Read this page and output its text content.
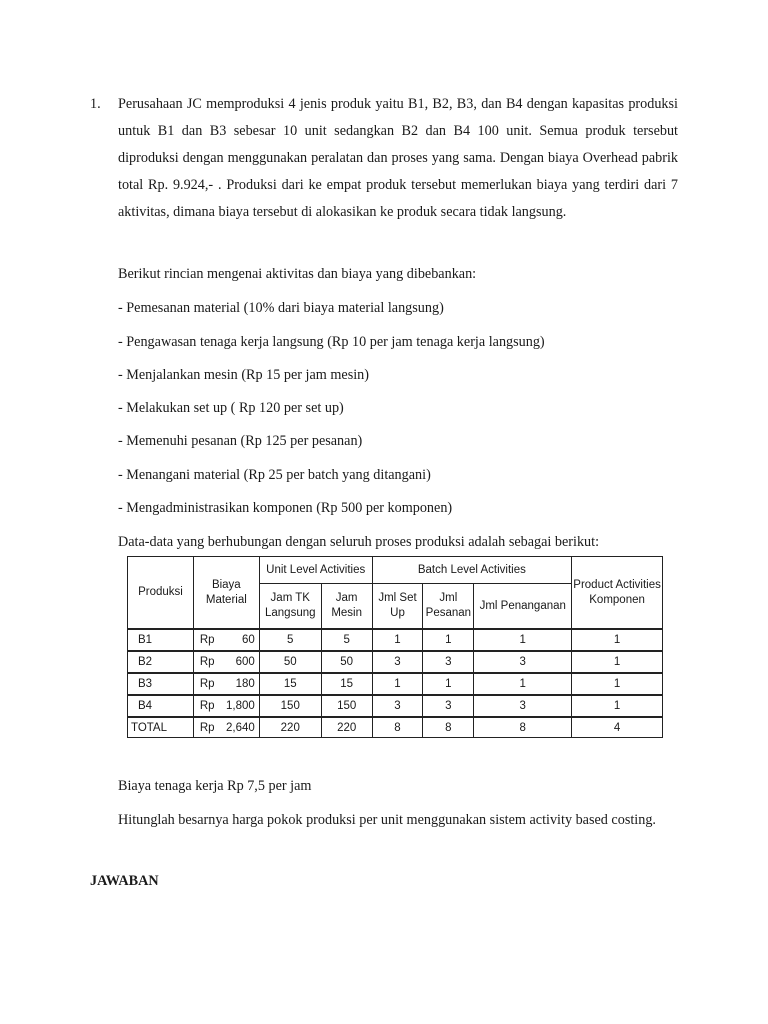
1. Perusahaan JC memproduksi 4 jenis produk yaitu B1, B2, B3, dan B4 dengan kapasitas produksi untuk B1 dan B3 sebesar 10 unit sedangkan B2 dan B4 100 unit. Semua produk tersebut diproduksi dengan menggunakan peralatan dan proses yang sama. Dengan biaya Overhead pabrik total Rp. 9.924,- . Produksi dari ke empat produk tersebut memerlukan biaya yang terdiri dari 7 aktivitas, dimana biaya tersebut di alokasikan ke produk secara tidak langsung.
Berikut rincian mengenai aktivitas dan biaya yang dibebankan:
- Pemesanan material (10% dari biaya material langsung)
- Pengawasan tenaga kerja langsung (Rp 10 per jam tenaga kerja langsung)
- Menjalankan mesin (Rp 15 per jam mesin)
- Melakukan set up ( Rp 120 per set up)
- Memenuhi pesanan (Rp 125 per pesanan)
- Menangani material (Rp 25 per batch yang ditangani)
- Mengadministrasikan komponen (Rp 500 per komponen)
Data-data yang berhubungan dengan seluruh proses produksi adalah sebagai berikut:
Produksi	Biaya Material	Unit Level Activities		Batch Level Activities			Product Activities Komponen
		Jam TK Langsung	Jam Mesin	Jml Set Up	Jml Pesanan	Jml Penanganan	
B1	Rp 60	5	5	1	1	1	1
B2	Rp 600	50	50	3	3	3	1
B3	Rp 180	15	15	1	1	1	1
B4	Rp 1,800	150	150	3	3	3	1
TOTAL	Rp 2,640	220	220	8	8	8	4
Biaya tenaga kerja Rp 7,5 per jam
Hitunglah besarnya harga pokok produksi per unit menggunakan sistem activity based costing.
JAWABAN
